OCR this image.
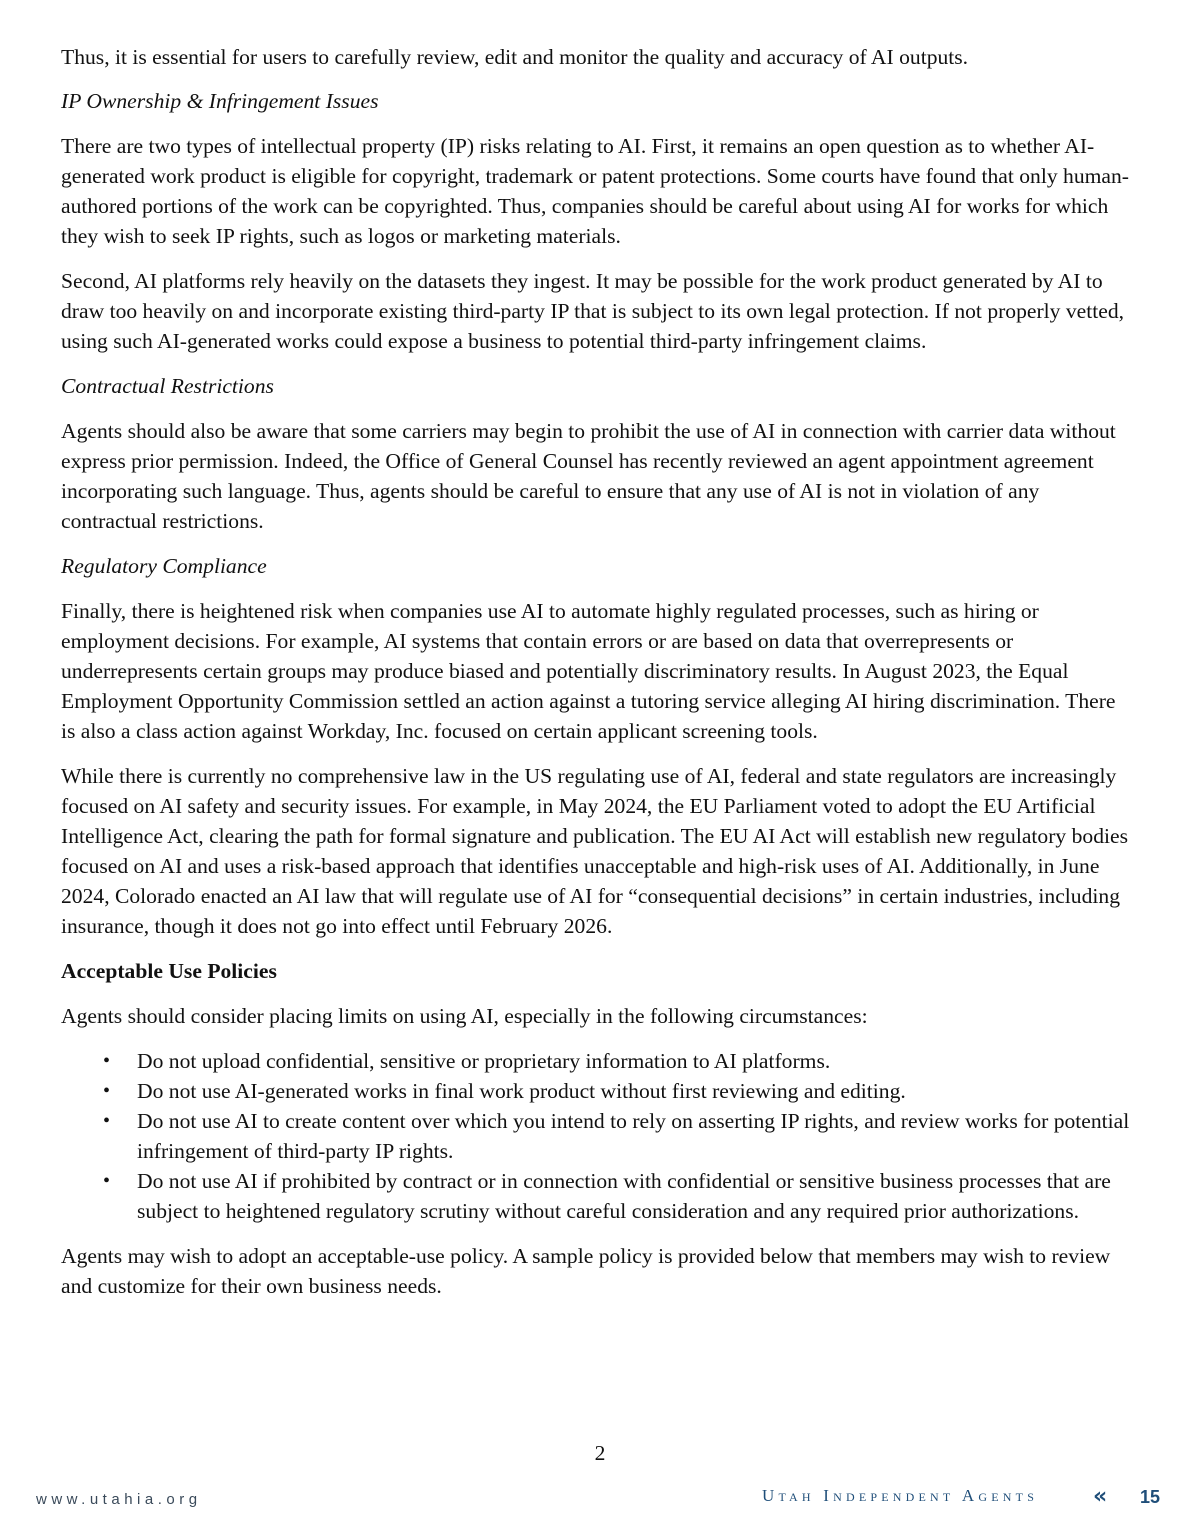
Thus, it is essential for users to carefully review, edit and monitor the quality and accuracy of AI outputs.

IP Ownership & Infringement Issues

There are two types of intellectual property (IP) risks relating to AI. First, it remains an open question as to whether AI-generated work product is eligible for copyright, trademark or patent protections. Some courts have found that only human-authored portions of the work can be copyrighted. Thus, companies should be careful about using AI for works for which they wish to seek IP rights, such as logos or marketing materials.

Second, AI platforms rely heavily on the datasets they ingest. It may be possible for the work product generated by AI to draw too heavily on and incorporate existing third-party IP that is subject to its own legal protection. If not properly vetted, using such AI-generated works could expose a business to potential third-party infringement claims.

Contractual Restrictions

Agents should also be aware that some carriers may begin to prohibit the use of AI in connection with carrier data without express prior permission. Indeed, the Office of General Counsel has recently reviewed an agent appointment agreement incorporating such language. Thus, agents should be careful to ensure that any use of AI is not in violation of any contractual restrictions.

Regulatory Compliance

Finally, there is heightened risk when companies use AI to automate highly regulated processes, such as hiring or employment decisions. For example, AI systems that contain errors or are based on data that overrepresents or underrepresents certain groups may produce biased and potentially discriminatory results. In August 2023, the Equal Employment Opportunity Commission settled an action against a tutoring service alleging AI hiring discrimination. There is also a class action against Workday, Inc. focused on certain applicant screening tools.

While there is currently no comprehensive law in the US regulating use of AI, federal and state regulators are increasingly focused on AI safety and security issues. For example, in May 2024, the EU Parliament voted to adopt the EU Artificial Intelligence Act, clearing the path for formal signature and publication. The EU AI Act will establish new regulatory bodies focused on AI and uses a risk-based approach that identifies unacceptable and high-risk uses of AI. Additionally, in June 2024, Colorado enacted an AI law that will regulate use of AI for “consequential decisions” in certain industries, including insurance, though it does not go into effect until February 2026.

Acceptable Use Policies

Agents should consider placing limits on using AI, especially in the following circumstances:

• Do not upload confidential, sensitive or proprietary information to AI platforms.
• Do not use AI-generated works in final work product without first reviewing and editing.
• Do not use AI to create content over which you intend to rely on asserting IP rights, and review works for potential infringement of third-party IP rights.
• Do not use AI if prohibited by contract or in connection with confidential or sensitive business processes that are subject to heightened regulatory scrutiny without careful consideration and any required prior authorizations.

Agents may wish to adopt an acceptable-use policy. A sample policy is provided below that members may wish to review and customize for their own business needs.

2
www.utahia.org	Utah Independent Agents « 15
